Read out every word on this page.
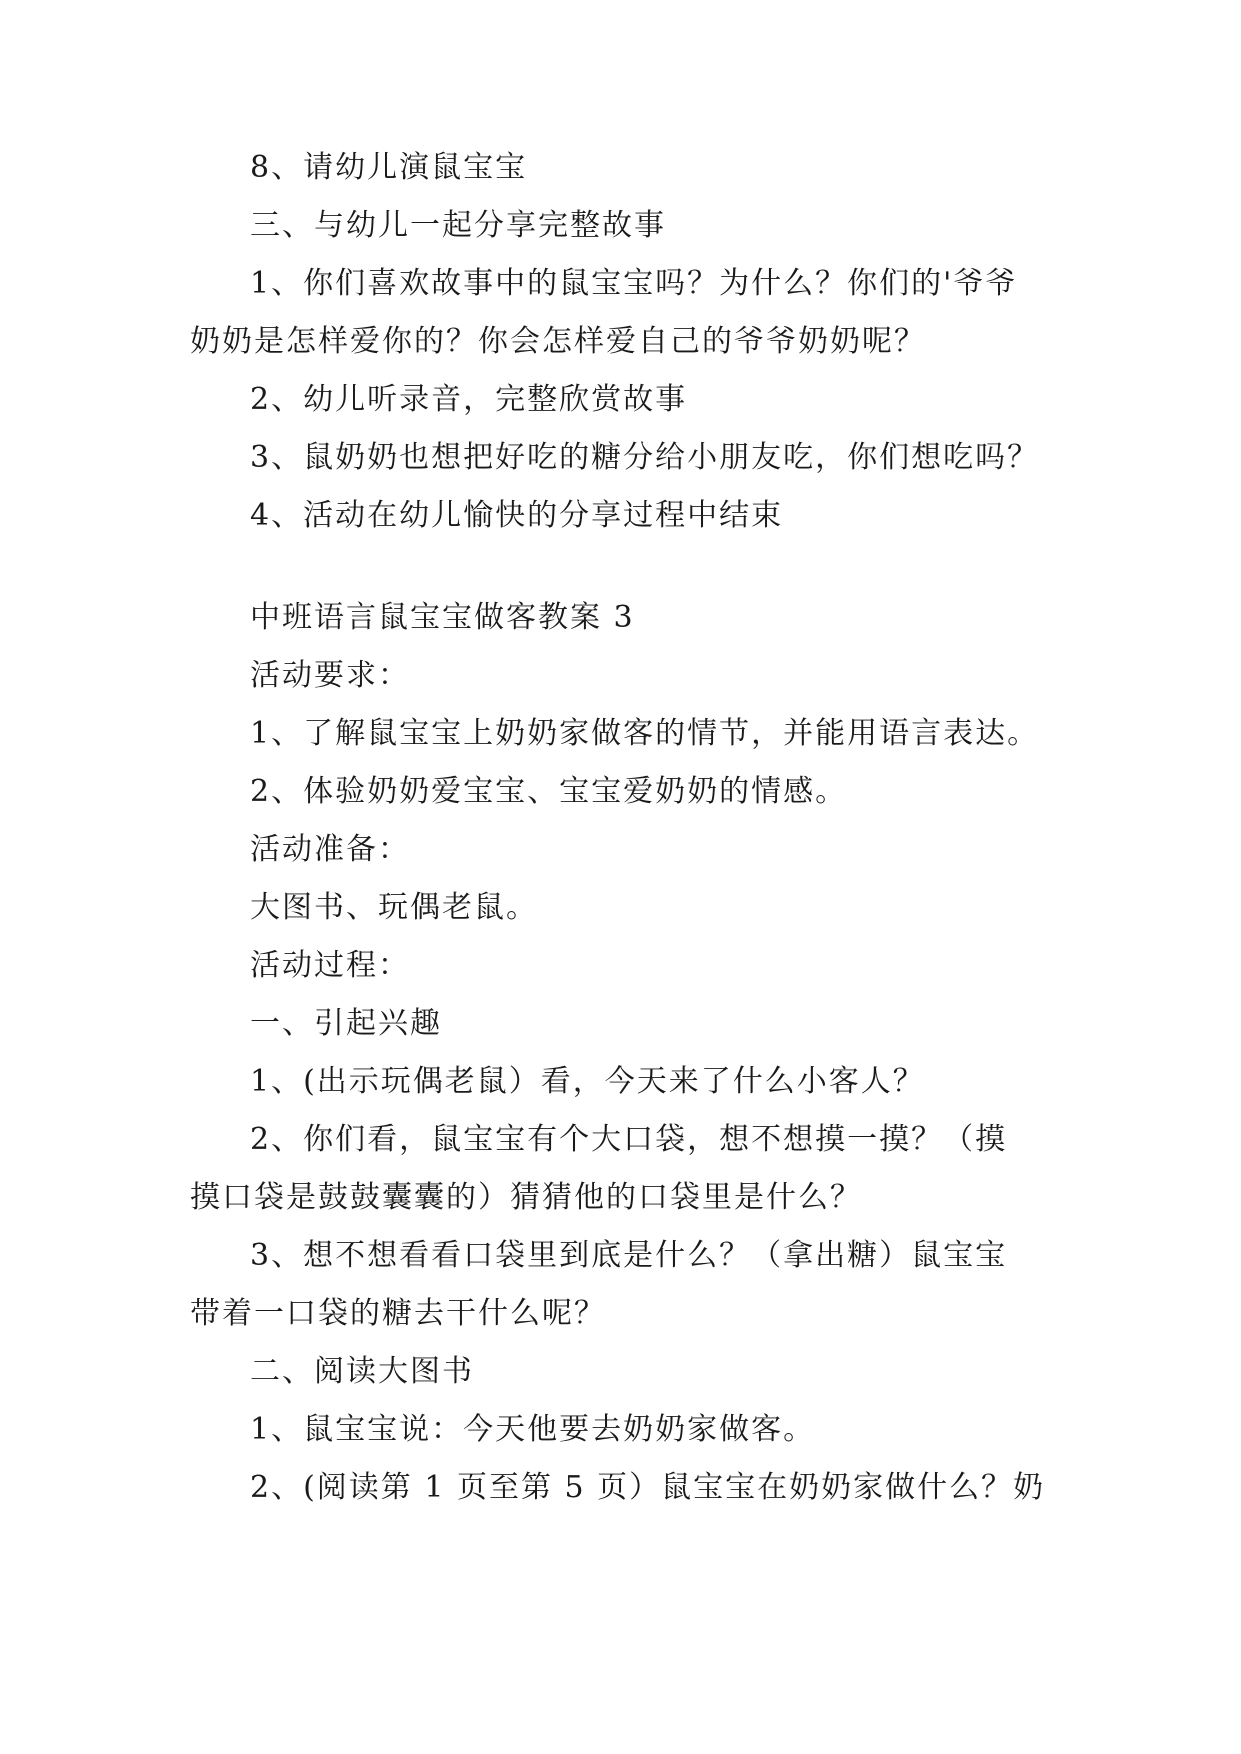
8、请幼儿演鼠宝宝
三、与幼儿一起分享完整故事
1、你们喜欢故事中的鼠宝宝吗？为什么？你们的'爷爷
奶奶是怎样爱你的？你会怎样爱自己的爷爷奶奶呢？
2、幼儿听录音，完整欣赏故事
3、鼠奶奶也想把好吃的糖分给小朋友吃，你们想吃吗？
4、活动在幼儿愉快的分享过程中结束
中班语言鼠宝宝做客教案 3
活动要求：
1、了解鼠宝宝上奶奶家做客的情节，并能用语言表达。
2、体验奶奶爱宝宝、宝宝爱奶奶的情感。
活动准备：
大图书、玩偶老鼠。
活动过程：
一、引起兴趣
1、(出示玩偶老鼠）看，今天来了什么小客人？
2、你们看，鼠宝宝有个大口袋，想不想摸一摸？（摸
摸口袋是鼓鼓囊囊的）猜猜他的口袋里是什么？
3、想不想看看口袋里到底是什么？（拿出糖）鼠宝宝
带着一口袋的糖去干什么呢？
二、阅读大图书
1、鼠宝宝说：今天他要去奶奶家做客。
2、(阅读第 1 页至第 5 页）鼠宝宝在奶奶家做什么？奶
